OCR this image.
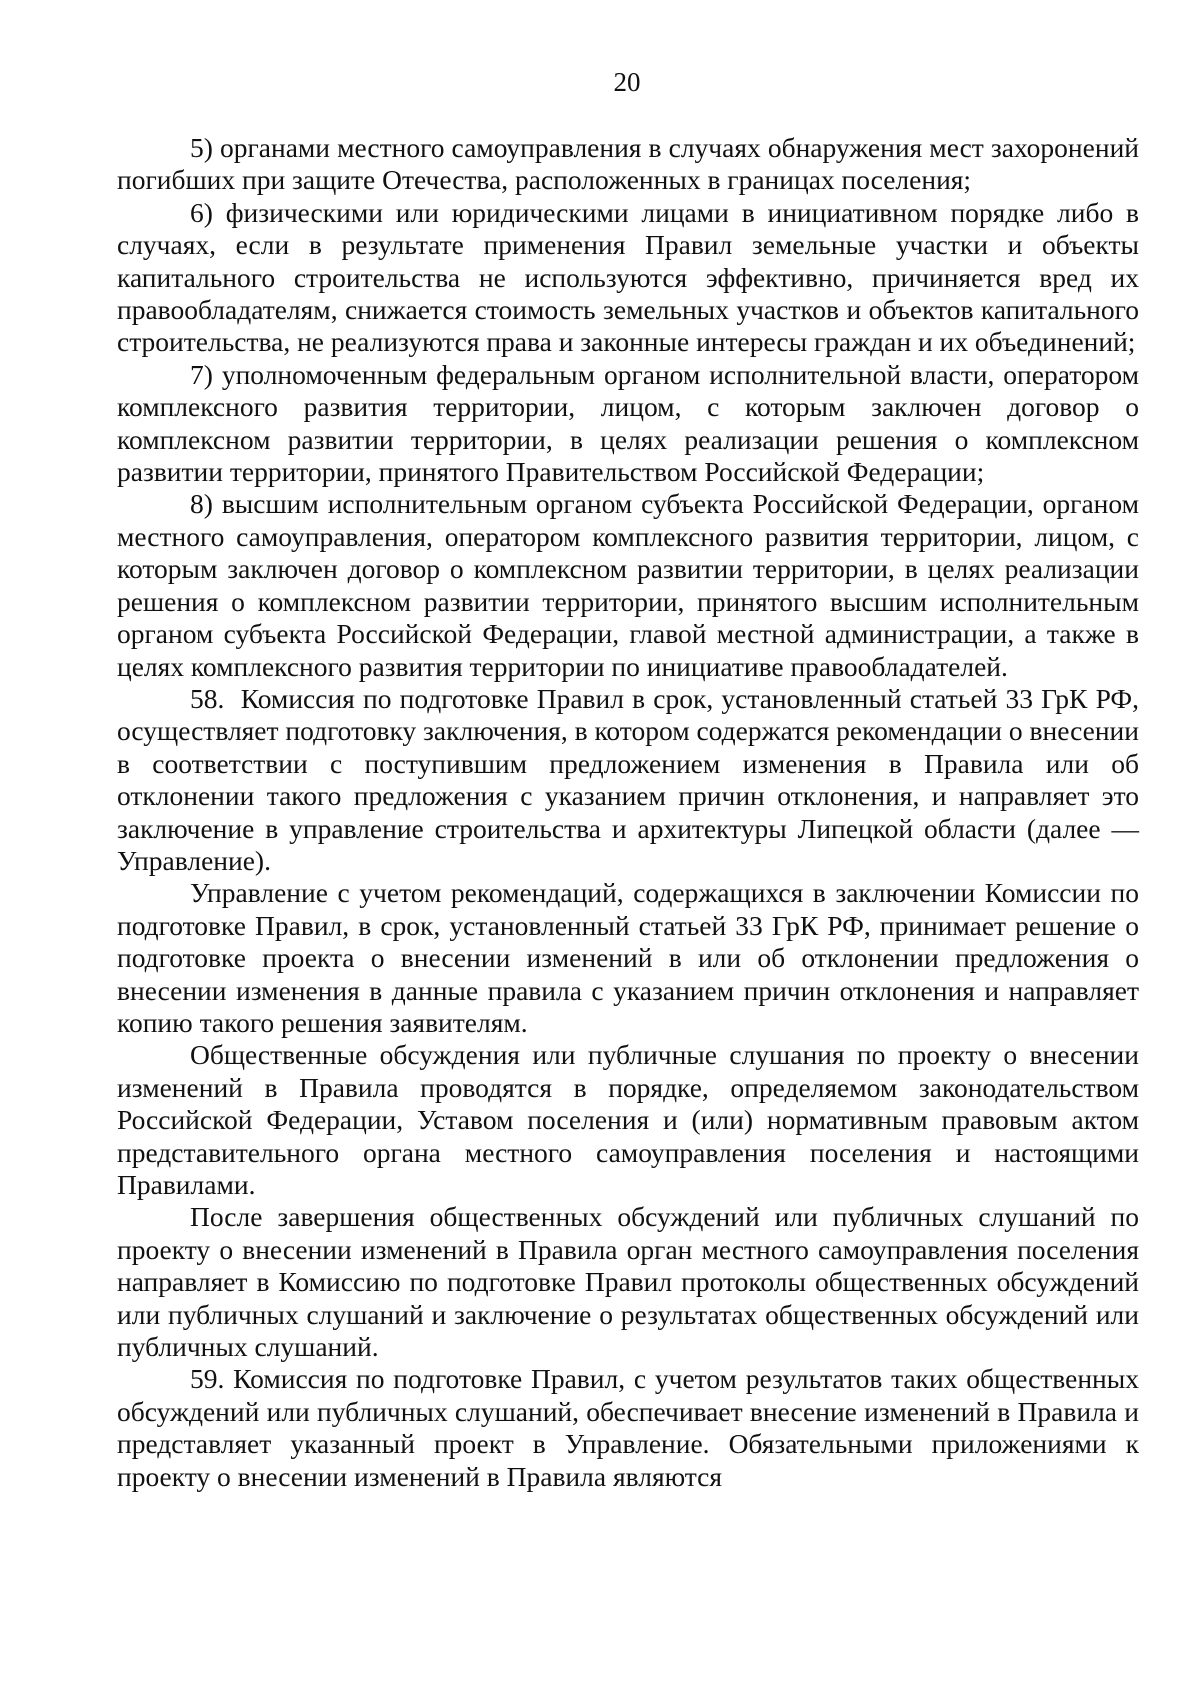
20

5) органами местного самоуправления в случаях обнаружения мест захоронений погибших при защите Отечества, расположенных в границах поселения;

6) физическими или юридическими лицами в инициативном порядке либо в случаях, если в результате применения Правил земельные участки и объекты капитального строительства не используются эффективно, причиняется вред их правообладателям, снижается стоимость земельных участков и объектов капитального строительства, не реализуются права и законные интересы граждан и их объединений;

7) уполномоченным федеральным органом исполнительной власти, оператором комплексного развития территории, лицом, с которым заключен договор о комплексном развитии территории, в целях реализации решения о комплексном развитии территории, принятого Правительством Российской Федерации;

8) высшим исполнительным органом субъекта Российской Федерации, органом местного самоуправления, оператором комплексного развития территории, лицом, с которым заключен договор о комплексном развитии территории, в целях реализации решения о комплексном развитии территории, принятого высшим исполнительным органом субъекта Российской Федерации, главой местной администрации, а также в целях комплексного развития территории по инициативе правообладателей.

58.  Комиссия по подготовке Правил в срок, установленный статьей 33 ГрК РФ, осуществляет подготовку заключения, в котором содержатся рекомендации о внесении в соответствии с поступившим предложением изменения в Правила или об отклонении такого предложения с указанием причин отклонения, и направляет это заключение в управление строительства и архитектуры Липецкой области (далее — Управление).

Управление с учетом рекомендаций, содержащихся в заключении Комиссии по подготовке Правил, в срок, установленный статьей 33 ГрК РФ, принимает решение о подготовке проекта о внесении изменений в или об отклонении предложения о внесении изменения в данные правила с указанием причин отклонения и направляет копию такого решения заявителям.

Общественные обсуждения или публичные слушания по проекту о внесении изменений в Правила проводятся в порядке, определяемом законодательством Российской Федерации, Уставом поселения и (или) нормативным правовым актом представительного органа местного самоуправления поселения и настоящими Правилами.

После завершения общественных обсуждений или публичных слушаний по проекту о внесении изменений в Правила орган местного самоуправления поселения направляет в Комиссию по подготовке Правил протоколы общественных обсуждений или публичных слушаний и заключение о результатах общественных обсуждений или публичных слушаний.

59. Комиссия по подготовке Правил, с учетом результатов таких общественных обсуждений или публичных слушаний, обеспечивает внесение изменений в Правила и представляет указанный проект в Управление. Обязательными приложениями к проекту о внесении изменений в Правила являются
